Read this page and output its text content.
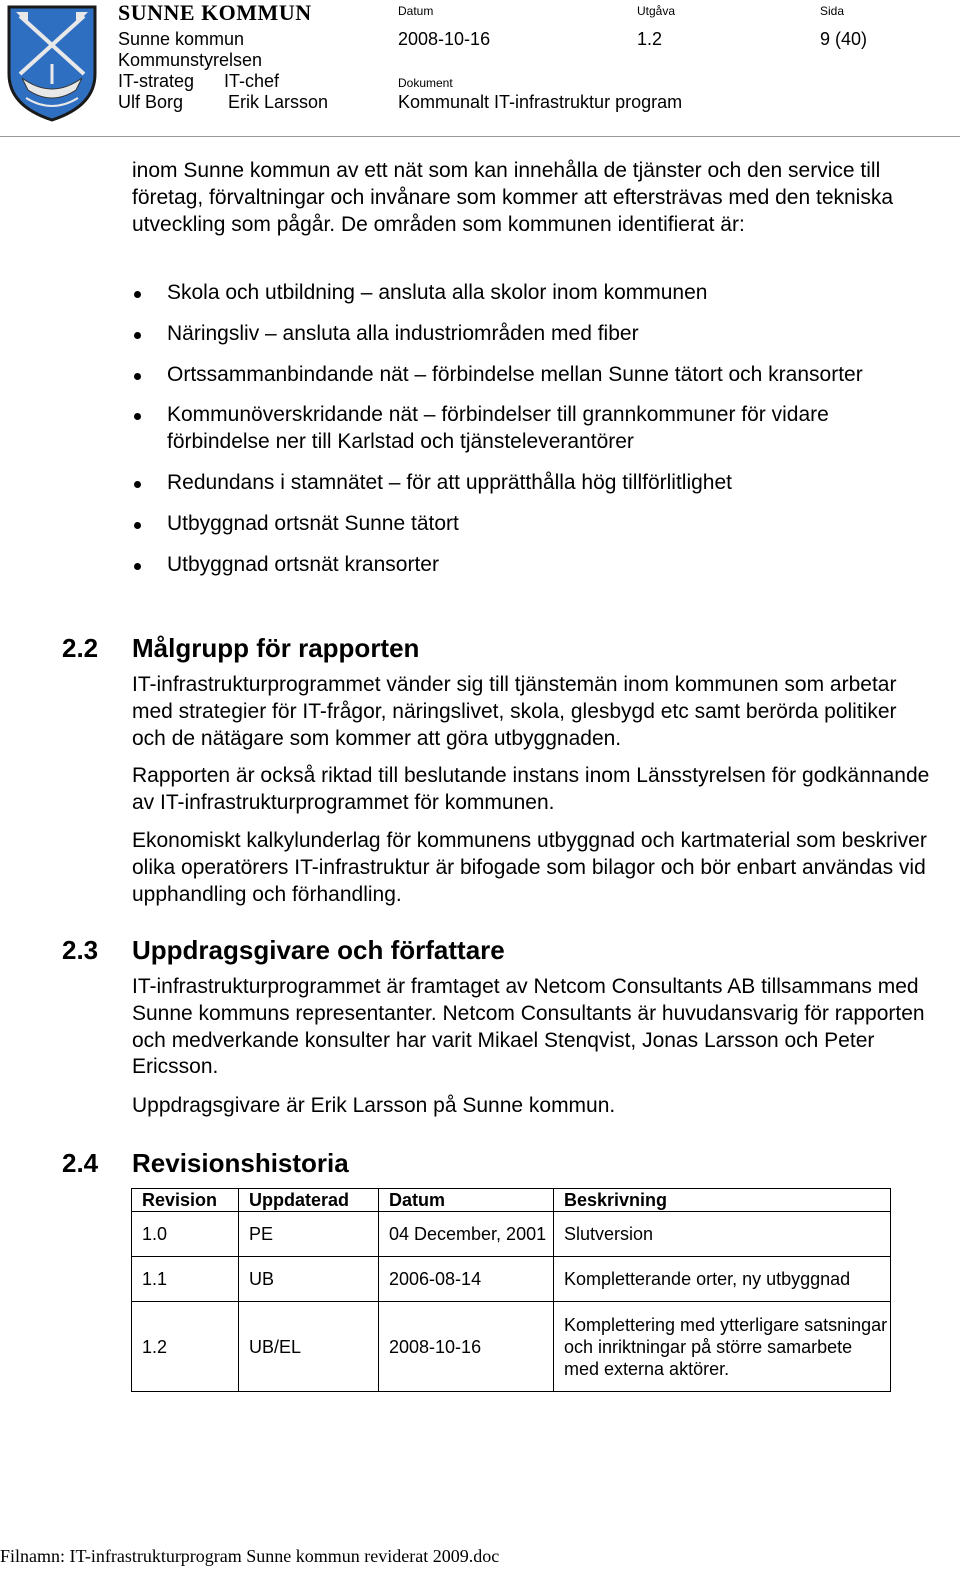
SUNNE KOMMUN
Sunne kommun
Kommunstyrelsen
IT-strateg IT-chef
Ulf Borg Erik Larsson
Datum
2008-10-16
Utgåva
1.2
Sida
9 (40)
Dokument
Kommunalt IT-infrastruktur program

inom Sunne kommun av ett nät som kan innehålla de tjänster och den service till företag, förvaltningar och invånare som kommer att eftersträvas med den tekniska utveckling som pågår. De områden som kommunen identifierat är:

Skola och utbildning – ansluta alla skolor inom kommunen
Näringsliv – ansluta alla industriområden med fiber
Ortssammanbindande nät – förbindelse mellan Sunne tätort och kransorter
Kommunöverskridande nät – förbindelser till grannkommuner för vidare förbindelse ner till Karlstad och tjänsteleverantörer
Redundans i stamnätet – för att upprätthålla hög tillförlitlighet
Utbyggnad ortsnät Sunne tätort
Utbyggnad ortsnät kransorter
2.2 Målgrupp för rapporten

IT-infrastrukturprogrammet vänder sig till tjänstemän inom kommunen som arbetar med strategier för IT-frågor, näringslivet, skola, glesbygd etc samt berörda politiker och de nätägare som kommer att göra utbyggnaden.

Rapporten är också riktad till beslutande instans inom Länsstyrelsen för godkännande av IT-infrastrukturprogrammet för kommunen.

Ekonomiskt kalkylunderlag för kommunens utbyggnad och kartmaterial som beskriver olika operatörers IT-infrastruktur är bifogade som bilagor och bör enbart användas vid upphandling och förhandling.

2.3 Uppdragsgivare och författare

IT-infrastrukturprogrammet är framtaget av Netcom Consultants AB tillsammans med Sunne kommuns representanter. Netcom Consultants är huvudansvarig för rapporten och medverkande konsulter har varit Mikael Stenqvist, Jonas Larsson och Peter Ericsson.

Uppdragsgivare är Erik Larsson på Sunne kommun.

2.4 Revisionshistoria
Revision	Uppdaterad	Datum	Beskrivning
1.0	PE	04 December, 2001	Slutversion
1.1	UB	2006-08-14	Kompletterande orter, ny utbyggnad
1.2	UB/EL	2008-10-16	Komplettering med ytterligare satsningar och inriktningar på större samarbete med externa aktörer.
Filnamn: IT-infrastrukturprogram Sunne kommun reviderat 2009.doc
